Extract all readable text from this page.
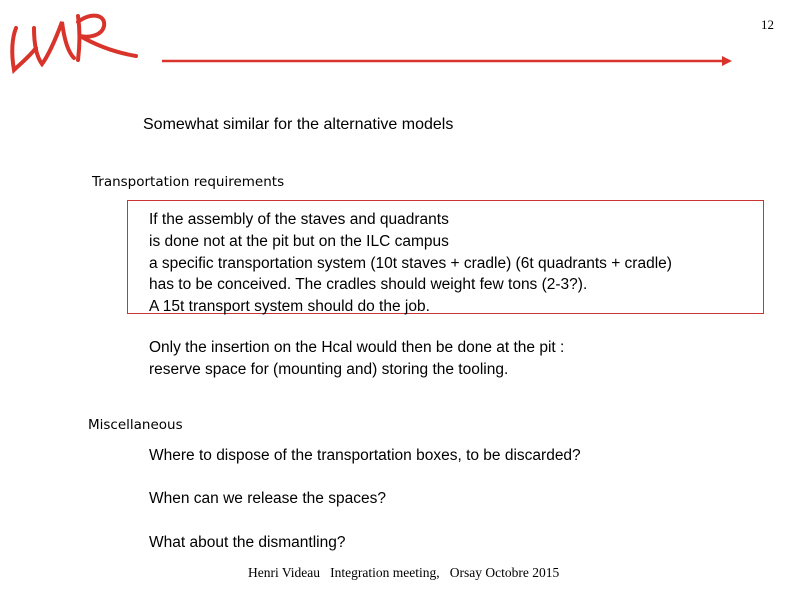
12
Somewhat similar for the alternative models
Transportation requirements
If the assembly of the staves and quadrants
is done not at the pit but on the ILC campus
a specific transportation system (10t staves + cradle) (6t quadrants + cradle)
has to be conceived. The cradles should weight few tons (2-3?).
A 15t transport system should do the job.
Only the insertion on the Hcal would then be done at the pit :
reserve space for (mounting and) storing the tooling.
Miscellaneous
Where to dispose of the transportation boxes, to be discarded?
When can we release the spaces?
What about the dismantling?
Henri Videau   Integration meeting,   Orsay Octobre 2015
